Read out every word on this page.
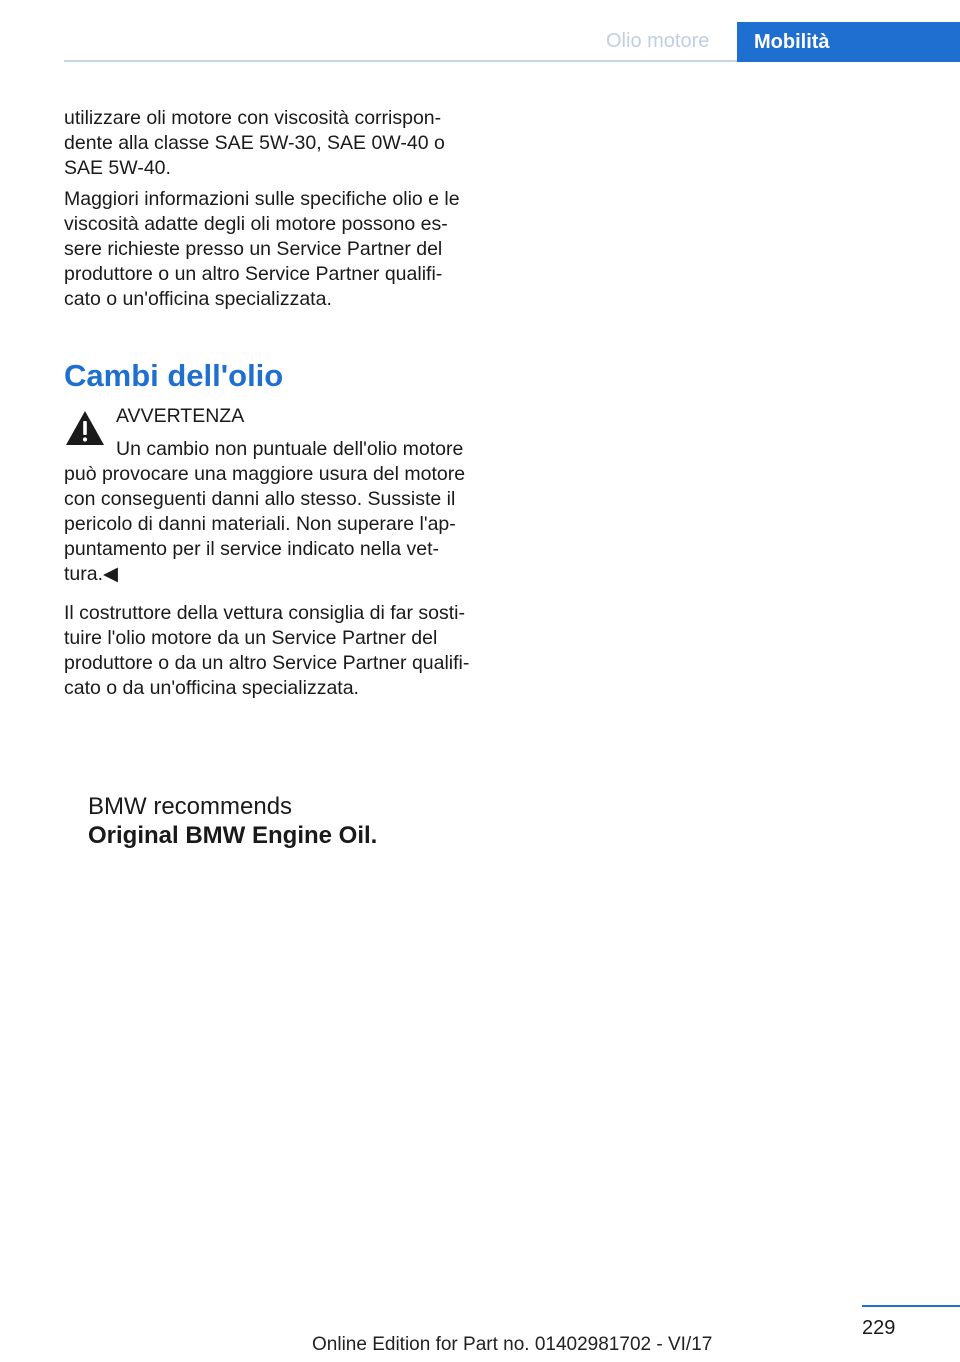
Olio motore	Mobilità

utilizzare oli motore con viscosità corrispon‐ dente alla classe SAE 5W-30, SAE 0W-40 o SAE 5W-40.

Maggiori informazioni sulle specifiche olio e le viscosità adatte degli oli motore possono es‐ sere richieste presso un Service Partner del produttore o un altro Service Partner qualifi‐ cato o un'officina specializzata.

Cambi dell'olio
AVVERTENZA

Un cambio non puntuale dell'olio motore può provocare una maggiore usura del motore con conseguenti danni allo stesso. Sussiste il pericolo di danni materiali. Non superare l'ap‐ puntamento per il service indicato nella vet‐ tura.◀

Il costruttore della vettura consiglia di far sosti‐ tuire l'olio motore da un Service Partner del produttore o da un altro Service Partner qualifi‐ cato o da un'officina specializzata.

BMW recommends
Original BMW Engine Oil.
229
Online Edition for Part no. 01402981702 - VI/17
